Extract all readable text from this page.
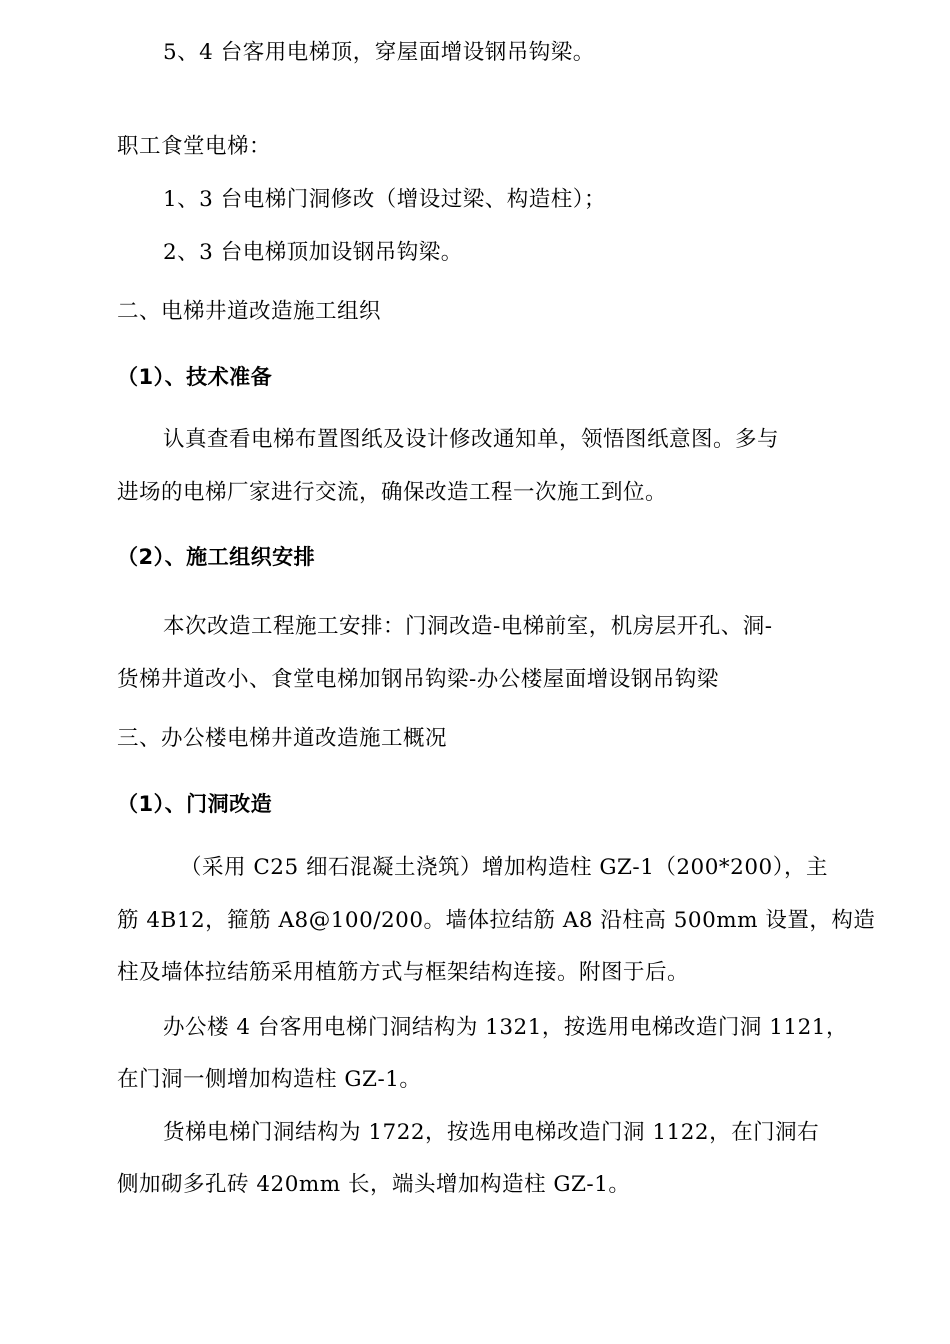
5、4 台客用电梯顶，穿屋面增设钢吊钩梁。
职工食堂电梯：
1、3 台电梯门洞修改（增设过梁、构造柱）；
2、3 台电梯顶加设钢吊钩梁。
二、电梯井道改造施工组织
（1）、技术准备
认真查看电梯布置图纸及设计修改通知单，领悟图纸意图。多与
进场的电梯厂家进行交流，确保改造工程一次施工到位。
（2）、施工组织安排
本次改造工程施工安排：门洞改造-电梯前室，机房层开孔、洞-
货梯井道改小、食堂电梯加钢吊钩梁-办公楼屋面增设钢吊钩梁
三、办公楼电梯井道改造施工概况
（1）、门洞改造
（采用 C25 细石混凝土浇筑）增加构造柱 GZ-1（200*200），主
筋 4B12，箍筋 A8@100/200。墙体拉结筋 A8 沿柱高 500mm 设置，构造
柱及墙体拉结筋采用植筋方式与框架结构连接。附图于后。
办公楼 4 台客用电梯门洞结构为 1321，按选用电梯改造门洞 1121，
在门洞一侧增加构造柱 GZ-1。
货梯电梯门洞结构为 1722，按选用电梯改造门洞 1122，在门洞右
侧加砌多孔砖 420mm 长，端头增加构造柱 GZ-1。
